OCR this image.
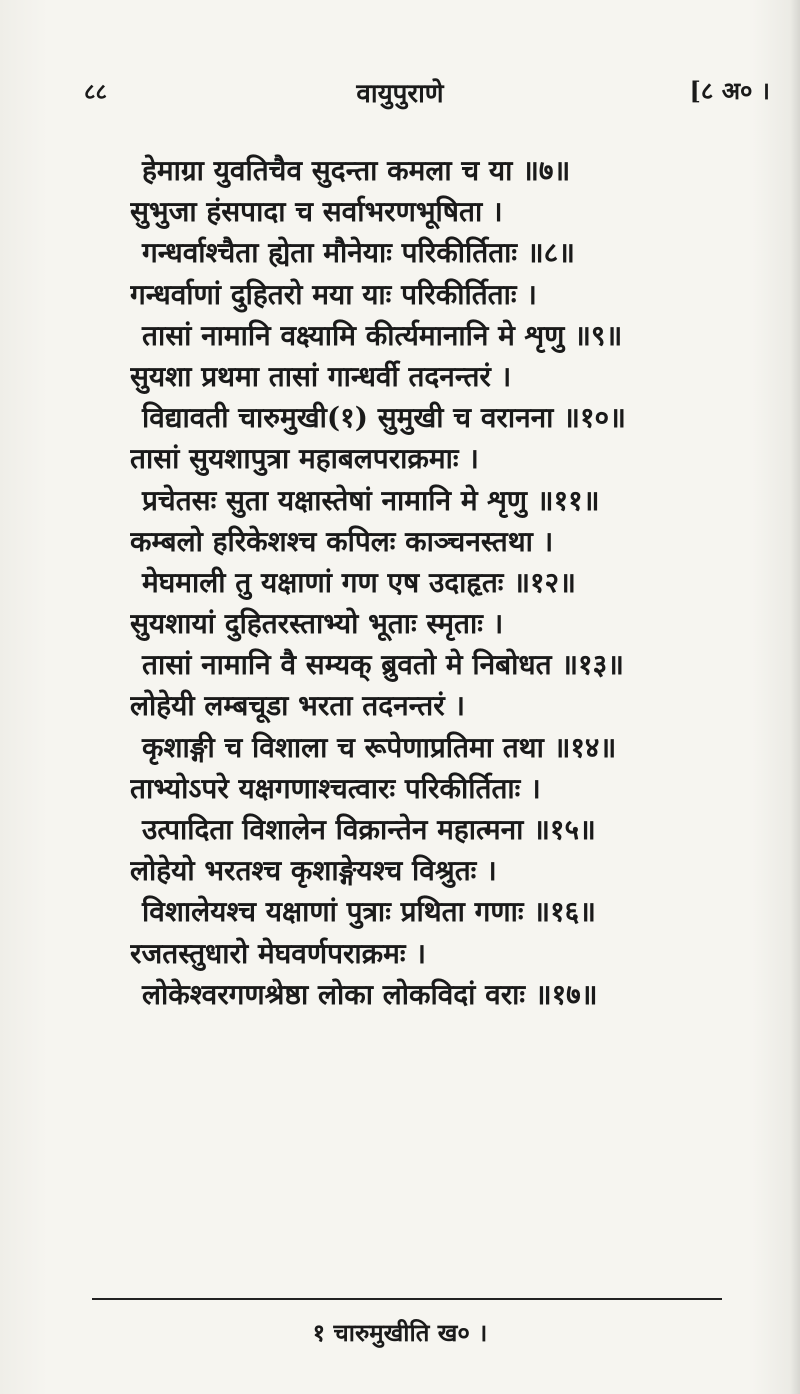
८८	वायुपुराणे	[८ अ० ।
हेमाग्रा युवतिचैव सुदन्ता कमला च या ॥७॥
सुभुजा हंसपादा च सर्वाभरणभूषिता ।
गन्धर्वाश्चैता ह्येता मौनेयाः परिकीर्तिताः ॥८॥
गन्धर्वाणां दुहितरो मया याः परिकीर्तिताः ।
तासां नामानि वक्ष्यामि कीर्त्यमानानि मे शृणु ॥९॥
सुयशा प्रथमा तासां गान्धर्वी तदनन्तरं ।
विद्यावती चारुमुखी(१) सुमुखी च वरानना ॥१०॥
तासां सुयशापुत्रा महाबलपराक्रमाः ।
प्रचेतसः सुता यक्षास्तेषां नामानि मे शृणु ॥११॥
कम्बलो हरिकेशश्च कपिलः काञ्चनस्तथा ।
मेघमाली तु यक्षाणां गण एष उदाहृतः ॥१२॥
सुयशायां दुहितरस्ताभ्यो भूताः स्मृताः ।
तासां नामानि वै सम्यक् ब्रुवतो मे निबोधत ॥१३॥
लोहेयी लम्बचूडा भरता तदनन्तरं ।
कृशाङ्गी च विशाला च रूपेणाप्रतिमा तथा ॥१४॥
ताभ्योऽपरे यक्षगणाश्चत्वारः परिकीर्तिताः ।
उत्पादिता विशालेन विक्रान्तेन महात्मना ॥१५॥
लोहेयो भरतश्च कृशाङ्गेयश्च विश्रुतः ।
विशालेयश्च यक्षाणां पुत्राः प्रथिता गणाः ॥१६॥
रजतस्तुधारो मेघवर्णपराक्रमः ।
लोकेश्वरगणश्रेष्ठा लोका लोकविदां वराः ॥१७॥
१ चारुमुखीति ख० ।
